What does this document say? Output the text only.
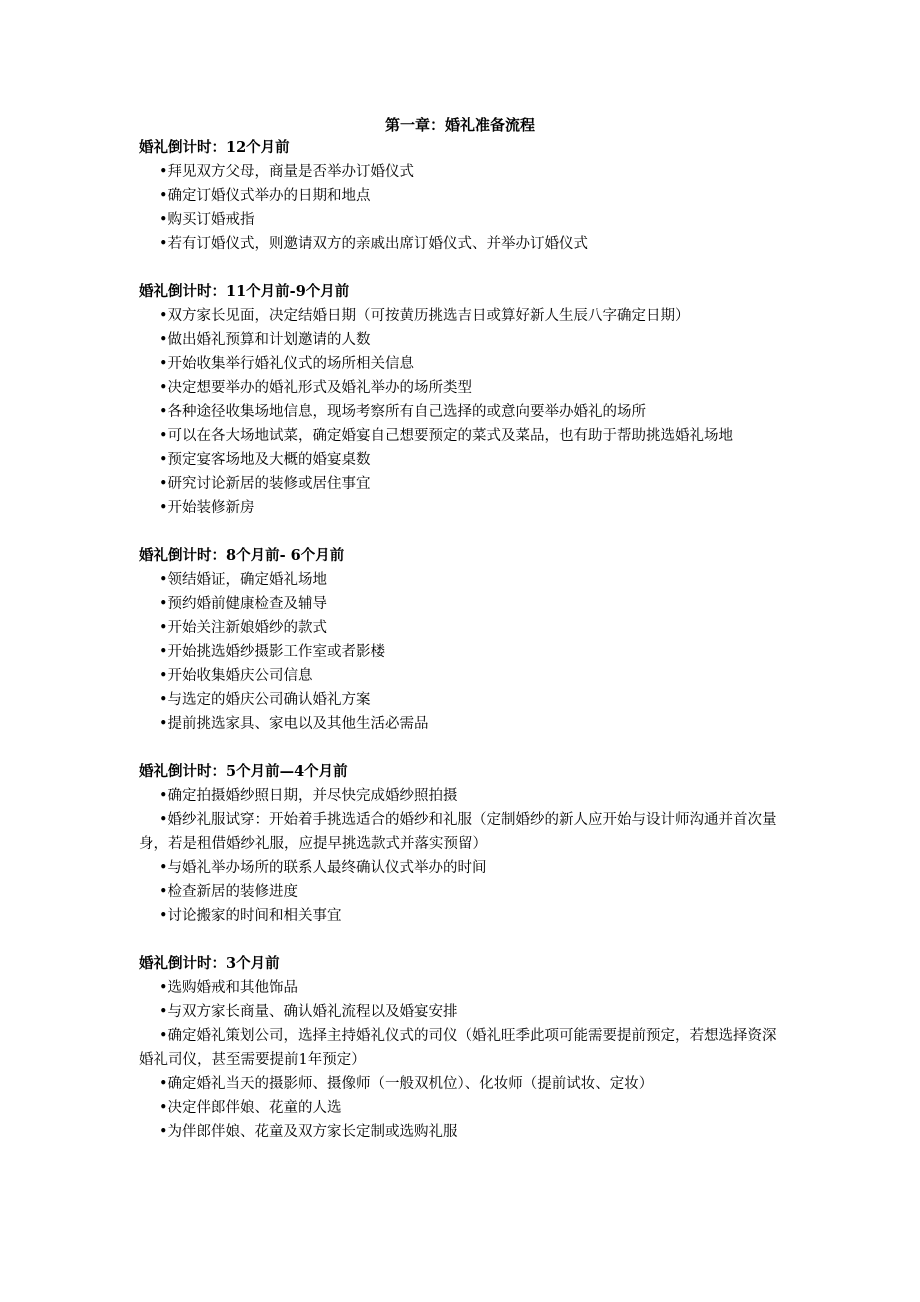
第一章：婚礼准备流程

婚礼倒计时：12个月前

•拜见双方父母，商量是否举办订婚仪式

•确定订婚仪式举办的日期和地点

•购买订婚戒指

•若有订婚仪式，则邀请双方的亲戚出席订婚仪式、并举办订婚仪式

婚礼倒计时：11个月前-9个月前

•双方家长见面，决定结婚日期（可按黄历挑选吉日或算好新人生辰八字确定日期）

•做出婚礼预算和计划邀请的人数

•开始收集举行婚礼仪式的场所相关信息

•决定想要举办的婚礼形式及婚礼举办的场所类型

•各种途径收集场地信息，现场考察所有自己选择的或意向要举办婚礼的场所

•可以在各大场地试菜，确定婚宴自己想要预定的菜式及菜品，也有助于帮助挑选婚礼场地

•预定宴客场地及大概的婚宴桌数

•研究讨论新居的装修或居住事宜

•开始装修新房

婚礼倒计时：8个月前- 6个月前

•领结婚证，确定婚礼场地

•预约婚前健康检查及辅导

•开始关注新娘婚纱的款式

•开始挑选婚纱摄影工作室或者影楼

•开始收集婚庆公司信息

•与选定的婚庆公司确认婚礼方案

•提前挑选家具、家电以及其他生活必需品

婚礼倒计时：5个月前—4个月前

•确定拍摄婚纱照日期，并尽快完成婚纱照拍摄

•婚纱礼服试穿：开始着手挑选适合的婚纱和礼服（定制婚纱的新人应开始与设计师沟通并首次量身，若是租借婚纱礼服，应提早挑选款式并落实预留）

•与婚礼举办场所的联系人最终确认仪式举办的时间

•检查新居的装修进度

•讨论搬家的时间和相关事宜

婚礼倒计时：3个月前

•选购婚戒和其他饰品

•与双方家长商量、确认婚礼流程以及婚宴安排

•确定婚礼策划公司，选择主持婚礼仪式的司仪（婚礼旺季此项可能需要提前预定，若想选择资深婚礼司仪，甚至需要提前1年预定）

•确定婚礼当天的摄影师、摄像师（一般双机位）、化妆师（提前试妆、定妆）

•决定伴郎伴娘、花童的人选

•为伴郎伴娘、花童及双方家长定制或选购礼服
